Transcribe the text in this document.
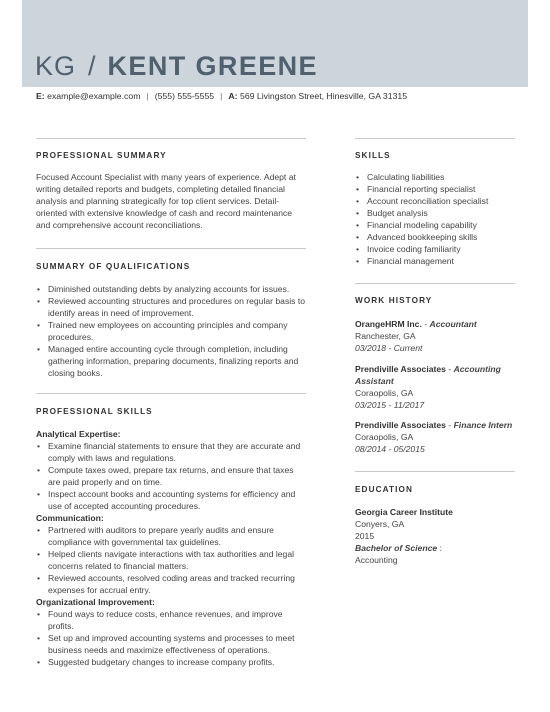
KG / KENT GREENE
E: example@example.com | (555) 555-5555 | A: 569 Livingston Street, Hinesville, GA 31315
PROFESSIONAL SUMMARY
Focused Account Specialist with many years of experience. Adept at writing detailed reports and budgets, completing detailed financial analysis and planning strategically for top client services. Detail-oriented with extensive knowledge of cash and record maintenance and comprehensive account reconciliations.
SUMMARY OF QUALIFICATIONS
• Diminished outstanding debts by analyzing accounts for issues.
• Reviewed accounting structures and procedures on regular basis to identify areas in need of improvement.
• Trained new employees on accounting principles and company procedures.
• Managed entire accounting cycle through completion, including gathering information, preparing documents, finalizing reports and closing books.
PROFESSIONAL SKILLS
Analytical Expertise:
• Examine financial statements to ensure that they are accurate and comply with laws and regulations.
• Compute taxes owed, prepare tax returns, and ensure that taxes are paid properly and on time.
• Inspect account books and accounting systems for efficiency and use of accepted accounting procedures.
Communication:
• Partnered with auditors to prepare yearly audits and ensure compliance with governmental tax guidelines.
• Helped clients navigate interactions with tax authorities and legal concerns related to financial matters.
• Reviewed accounts, resolved coding areas and tracked recurring expenses for accrual entry.
Organizational Improvement:
• Found ways to reduce costs, enhance revenues, and improve profits.
• Set up and improved accounting systems and processes to meet business needs and maximize effectiveness of operations.
• Suggested budgetary changes to increase company profits.
SKILLS
• Calculating liabilities
• Financial reporting specialist
• Account reconciliation specialist
• Budget analysis
• Financial modeling capability
• Advanced bookkeeping skills
• Invoice coding familiarity
• Financial management
WORK HISTORY
OrangeHRM Inc. - Accountant
Ranchester, GA
03/2018 - Current
Prendiville Associates - Accounting Assistant
Coraopolis, GA
03/2015 - 11/2017
Prendiville Associates - Finance Intern
Coraopolis, GA
08/2014 - 05/2015
EDUCATION
Georgia Career Institute
Conyers, GA
2015
Bachelor of Science :
Accounting
